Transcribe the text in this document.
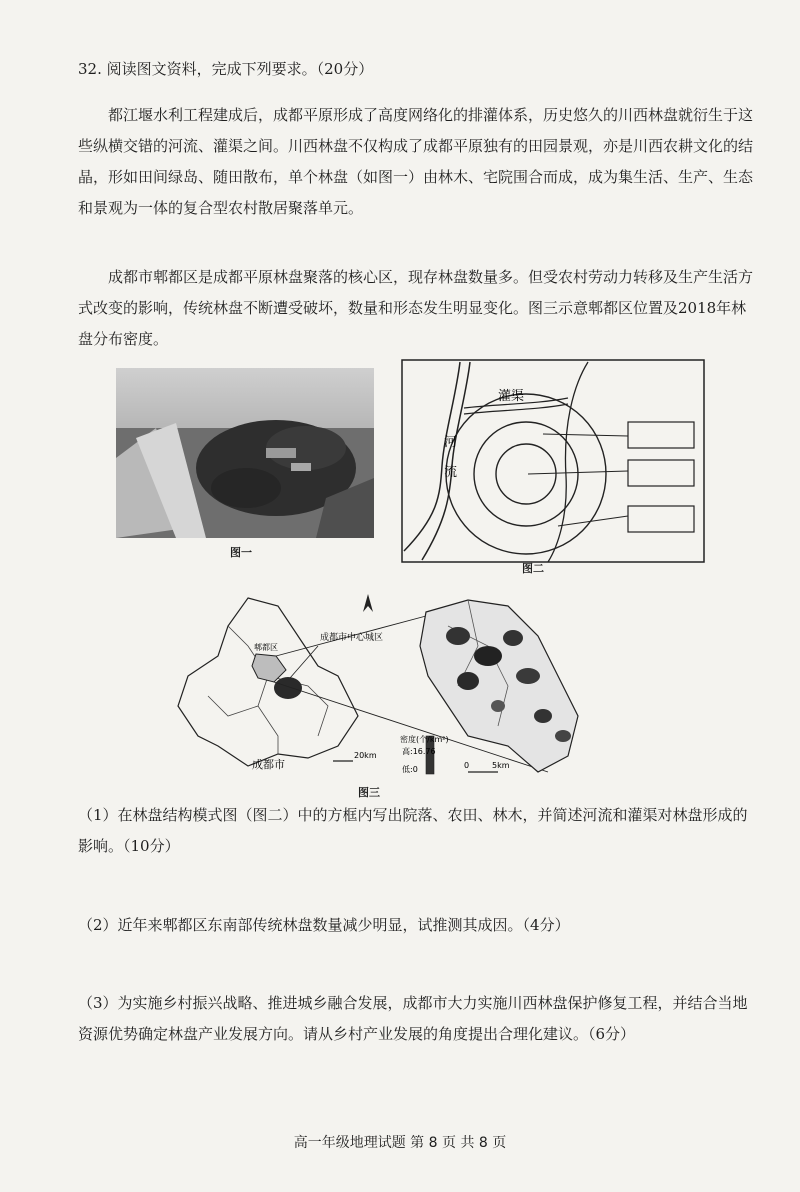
32. 阅读图文资料，完成下列要求。（20分）

都江堰水利工程建成后，成都平原形成了高度网络化的排灌体系，历史悠久的川西林盘就衍生于这些纵横交错的河流、灌渠之间。川西林盘不仅构成了成都平原独有的田园景观，亦是川西农耕文化的结晶，形如田间绿岛、随田散布，单个林盘（如图一）由林木、宅院围合而成，成为集生活、生产、生态和景观为一体的复合型农村散居聚落单元。

成都市郫都区是成都平原林盘聚落的核心区，现存林盘数量多。但受农村劳动力转移及生产生活方式改变的影响，传统林盘不断遭受破坏，数量和形态发生明显变化。图三示意郫都区位置及2018年林盘分布密度。

图一
灌渠
河
流
图二
成都市中心城区
郫都区
成都市
20km
密度(个/km²)
高:16.76
低:0	0	5km
图三

（1）在林盘结构模式图（图二）中的方框内写出院落、农田、林木，并简述河流和灌渠对林盘形成的影响。（10分）

（2）近年来郫都区东南部传统林盘数量减少明显，试推测其成因。（4分）

（3）为实施乡村振兴战略、推进城乡融合发展，成都市大力实施川西林盘保护修复工程，并结合当地资源优势确定林盘产业发展方向。请从乡村产业发展的角度提出合理化建议。（6分）

高一年级地理试题 第 8 页 共 8 页
